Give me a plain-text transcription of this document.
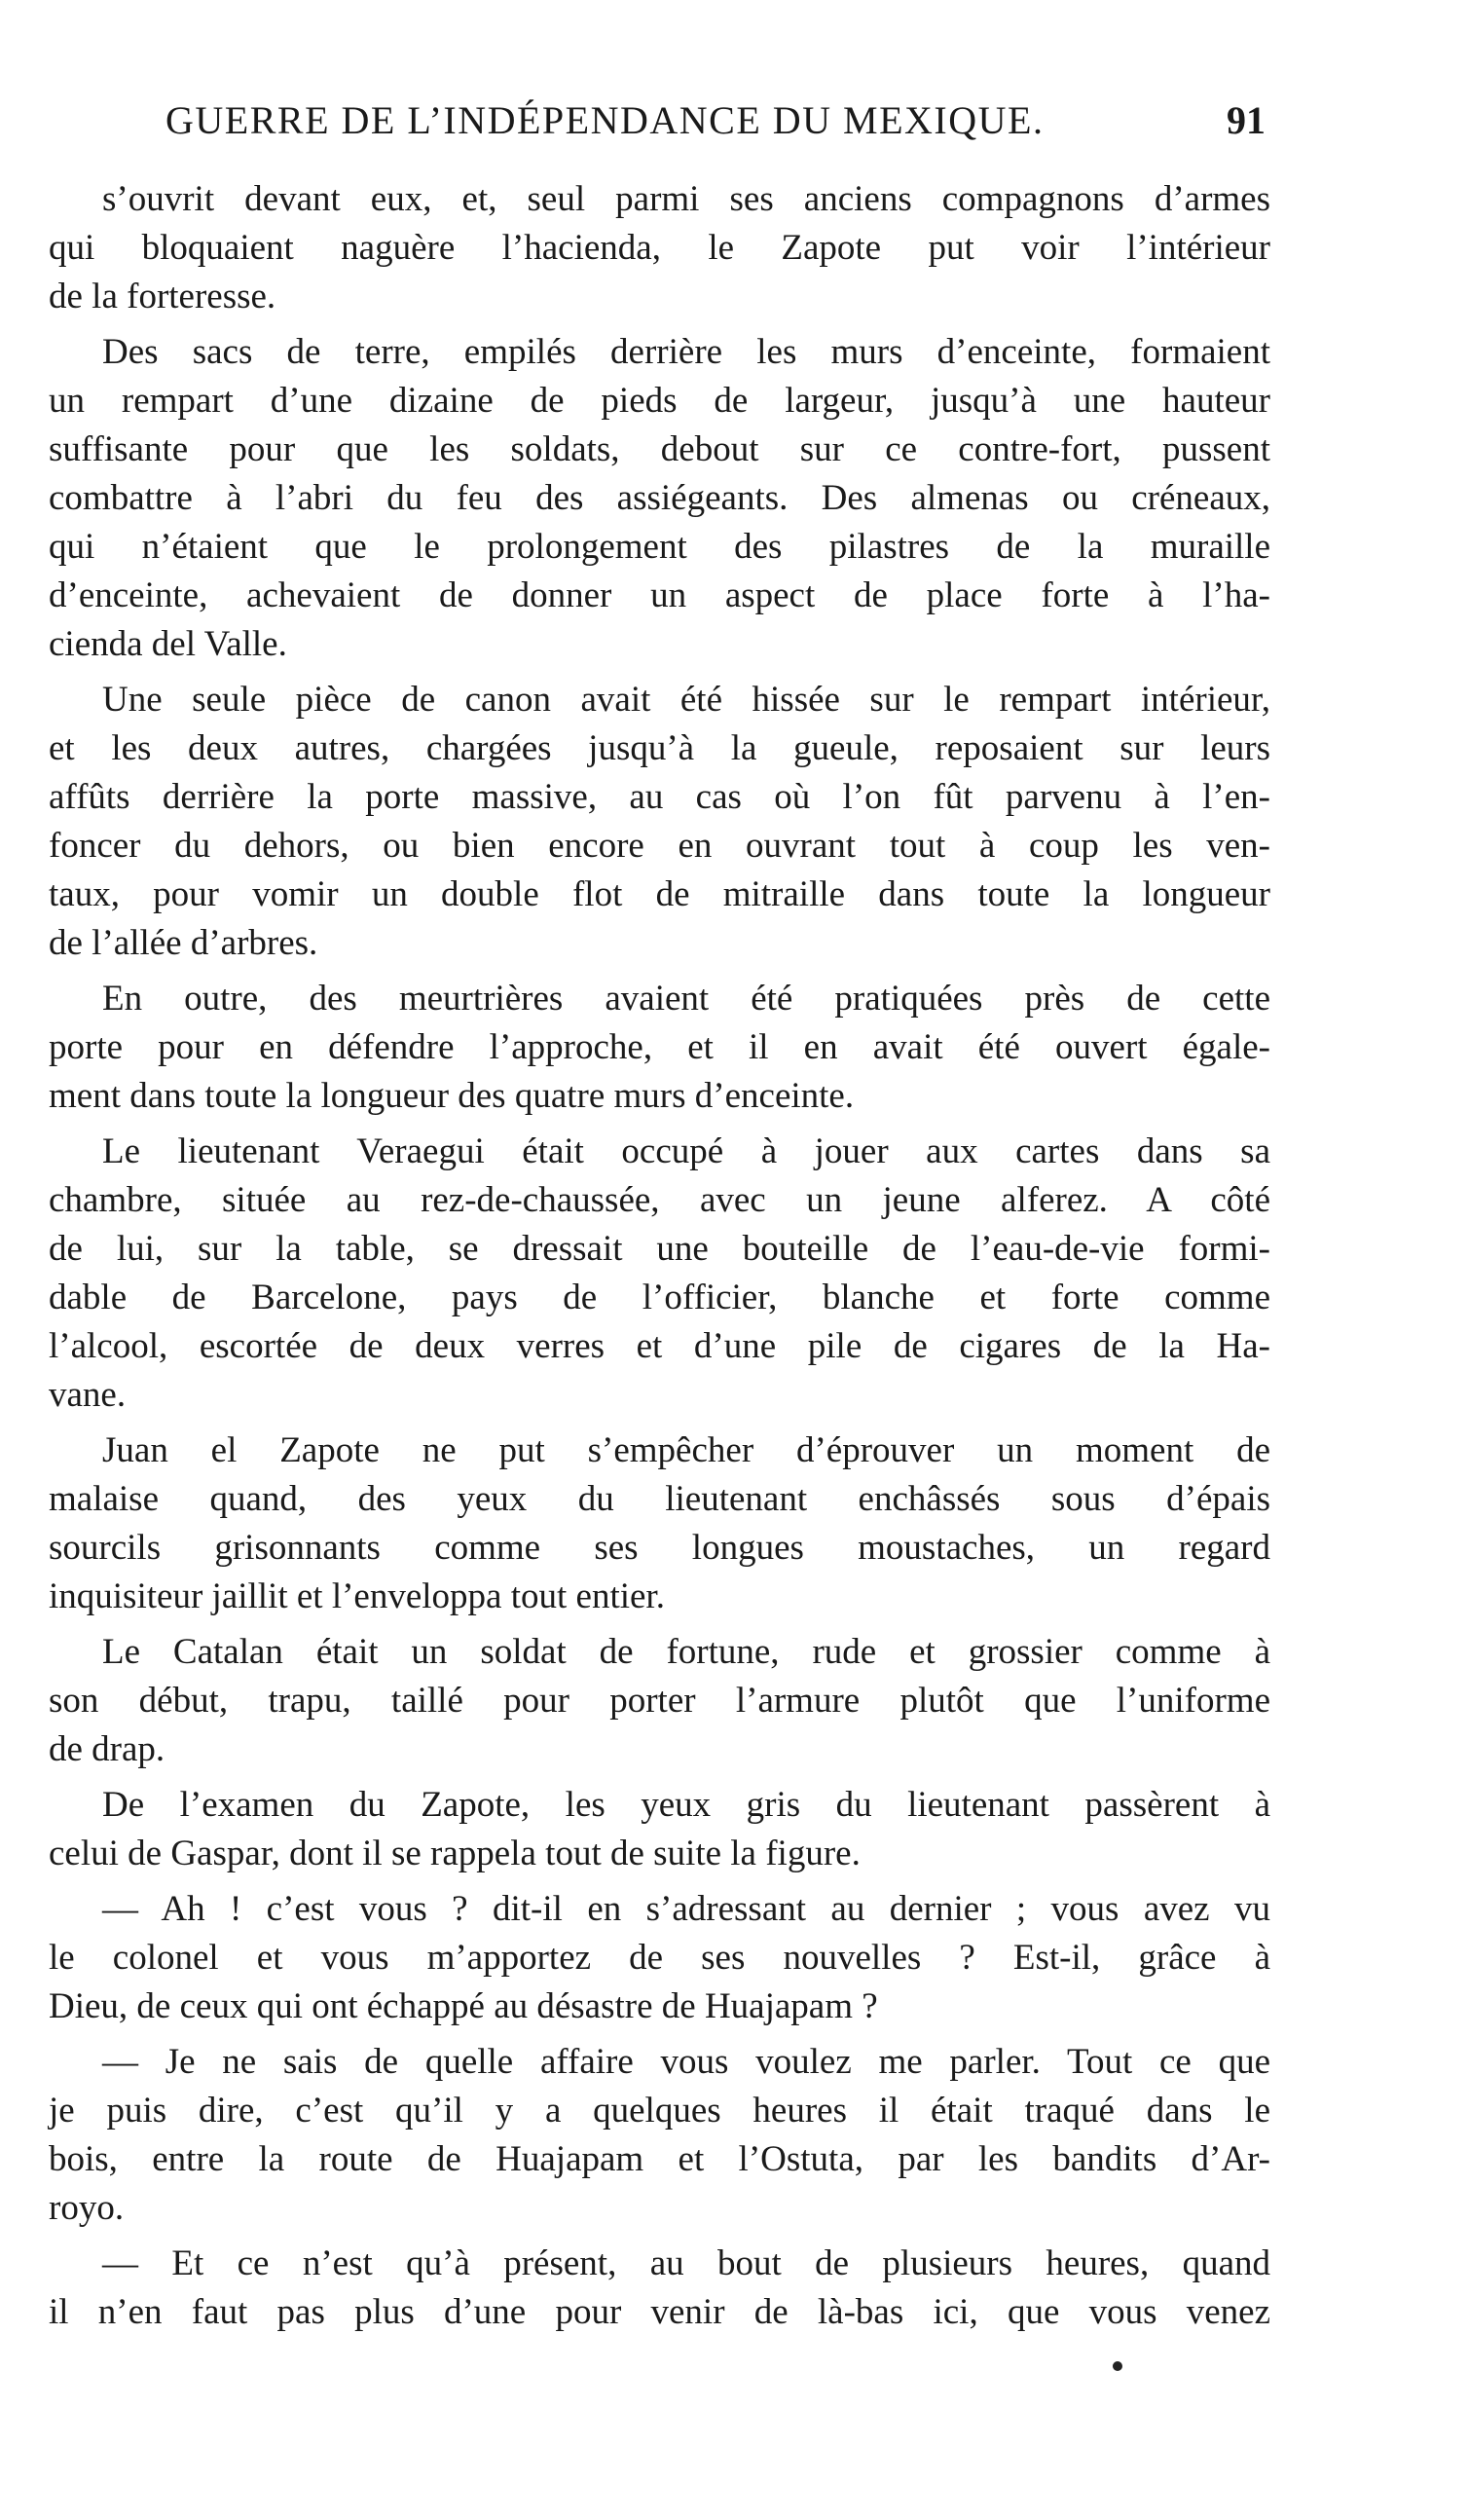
GUERRE DE L’INDÉPENDANCE DU MEXIQUE.	91
s’ouvrit devant eux, et, seul parmi ses anciens compagnons d’armes
qui bloquaient naguère l’hacienda, le Zapote put voir l’intérieur
de la forteresse.
Des sacs de terre, empilés derrière les murs d’enceinte, formaient
un rempart d’une dizaine de pieds de largeur, jusqu’à une hauteur
suffisante pour que les soldats, debout sur ce contre-fort, pussent
combattre à l’abri du feu des assiégeants. Des almenas ou créneaux,
qui n’étaient que le prolongement des pilastres de la muraille
d’enceinte, achevaient de donner un aspect de place forte à l’ha-
cienda del Valle.
Une seule pièce de canon avait été hissée sur le rempart intérieur,
et les deux autres, chargées jusqu’à la gueule, reposaient sur leurs
affûts derrière la porte massive, au cas où l’on fût parvenu à l’en-
foncer du dehors, ou bien encore en ouvrant tout à coup les ven-
taux, pour vomir un double flot de mitraille dans toute la longueur
de l’allée d’arbres.
En outre, des meurtrières avaient été pratiquées près de cette
porte pour en défendre l’approche, et il en avait été ouvert égale-
ment dans toute la longueur des quatre murs d’enceinte.
Le lieutenant Veraegui était occupé à jouer aux cartes dans sa
chambre, située au rez-de-chaussée, avec un jeune alferez. A côté
de lui, sur la table, se dressait une bouteille de l’eau-de-vie formi-
dable de Barcelone, pays de l’officier, blanche et forte comme
l’alcool, escortée de deux verres et d’une pile de cigares de la Ha-
vane.
Juan el Zapote ne put s’empêcher d’éprouver un moment de
malaise quand, des yeux du lieutenant enchâssés sous d’épais
sourcils grisonnants comme ses longues moustaches, un regard
inquisiteur jaillit et l’enveloppa tout entier.
Le Catalan était un soldat de fortune, rude et grossier comme à
son début, trapu, taillé pour porter l’armure plutôt que l’uniforme
de drap.
De l’examen du Zapote, les yeux gris du lieutenant passèrent à
celui de Gaspar, dont il se rappela tout de suite la figure.
— Ah ! c’est vous ? dit-il en s’adressant au dernier ; vous avez vu
le colonel et vous m’apportez de ses nouvelles ? Est-il, grâce à
Dieu, de ceux qui ont échappé au désastre de Huajapam ?
— Je ne sais de quelle affaire vous voulez me parler. Tout ce que
je puis dire, c’est qu’il y a quelques heures il était traqué dans le
bois, entre la route de Huajapam et l’Ostuta, par les bandits d’Ar-
royo.
— Et ce n’est qu’à présent, au bout de plusieurs heures, quand
il n’en faut pas plus d’une pour venir de là-bas ici, que vous venez
